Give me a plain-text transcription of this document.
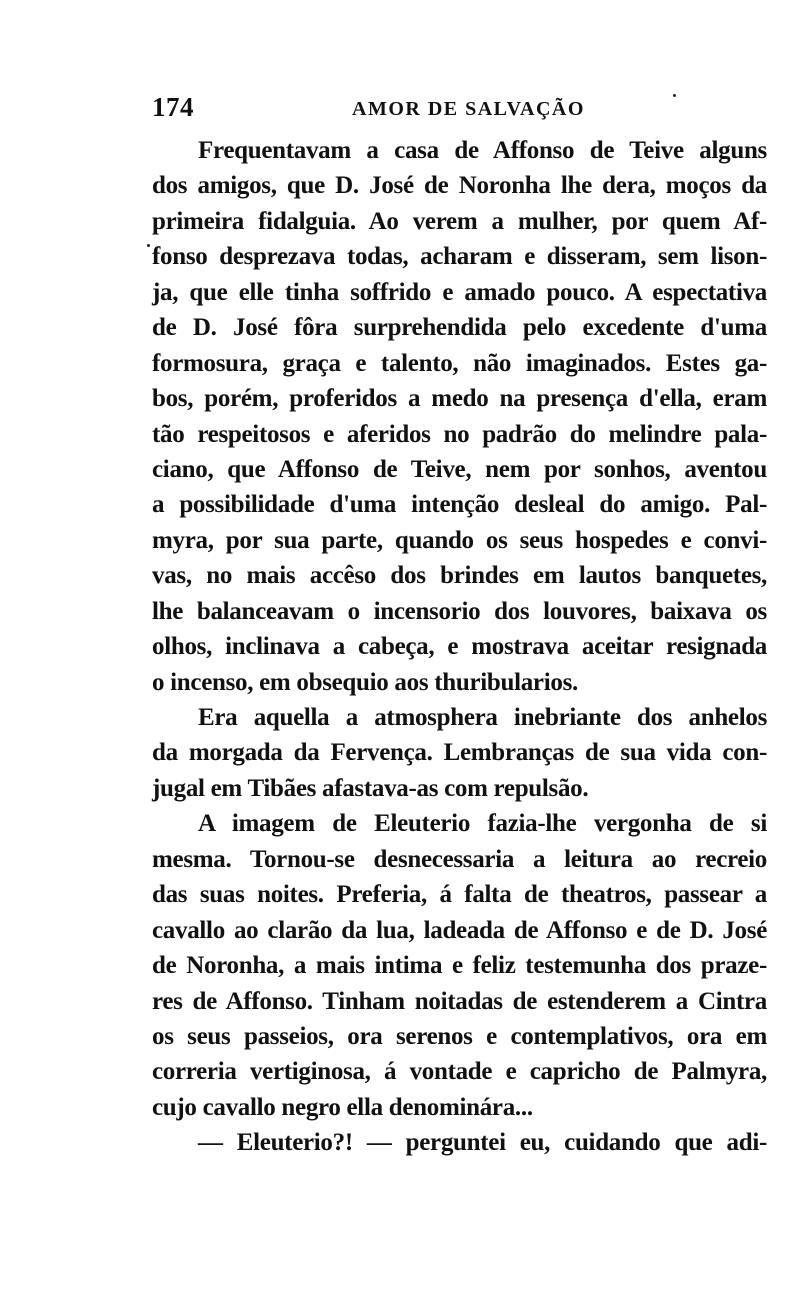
174	AMOR DE SALVAÇÃO
Frequentavam a casa de Affonso de Teive alguns
dos amigos, que D. José de Noronha lhe dera, moços da
primeira fidalguia. Ao verem a mulher, por quem Af-
fonso desprezava todas, acharam e disseram, sem lison-
ja, que elle tinha soffrido e amado pouco. A espectativa
de D. José fôra surprehendida pelo excedente d'uma
formosura, graça e talento, não imaginados. Estes ga-
bos, porém, proferidos a medo na presença d'ella, eram
tão respeitosos e aferidos no padrão do melindre pala-
ciano, que Affonso de Teive, nem por sonhos, aventou
a possibilidade d'uma intenção desleal do amigo. Pal-
myra, por sua parte, quando os seus hospedes e convi-
vas, no mais accêso dos brindes em lautos banquetes,
lhe balanceavam o incensorio dos louvores, baixava os
olhos, inclinava a cabeça, e mostrava aceitar resignada
o incenso, em obsequio aos thuribularios.
Era aquella a atmosphera inebriante dos anhelos
da morgada da Fervença. Lembranças de sua vida con-
jugal em Tibães afastava-as com repulsão.
A imagem de Eleuterio fazia-lhe vergonha de si
mesma. Tornou-se desnecessaria a leitura ao recreio
das suas noites. Preferia, á falta de theatros, passear a
cavallo ao clarão da lua, ladeada de Affonso e de D. José
de Noronha, a mais intima e feliz testemunha dos praze-
res de Affonso. Tinham noitadas de estenderem a Cintra
os seus passeios, ora serenos e contemplativos, ora em
correria vertiginosa, á vontade e capricho de Palmyra,
cujo cavallo negro ella denominára...
— Eleuterio?! — perguntei eu, cuidando que adi-
